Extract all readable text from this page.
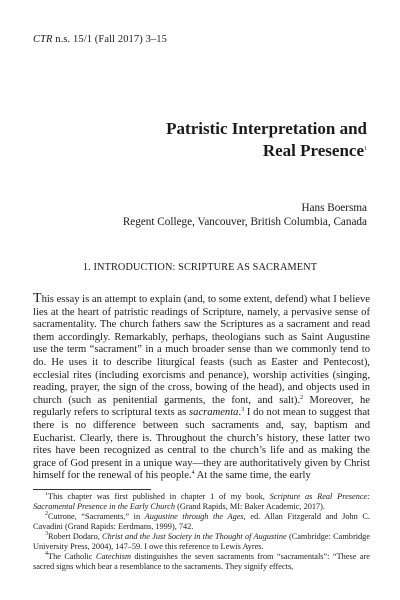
CTR n.s. 15/1 (Fall 2017) 3–15
Patristic Interpretation and
Real Presence$^1$
Hans Boersma
Regent College, Vancouver, British Columbia, Canada
1. INTRODUCTION: SCRIPTURE AS SACRAMENT
This essay is an attempt to explain (and, to some extent, defend) what I believe lies at the heart of patristic readings of Scripture, namely, a pervasive sense of sacramentality. The church fathers saw the Scriptures as a sacrament and read them accordingly. Remarkably, perhaps, theologians such as Saint Augustine use the term “sacrament” in a much broader sense than we commonly tend to do. He uses it to describe liturgical feasts (such as Easter and Pentecost), ecclesial rites (including exorcisms and penance), worship activities (singing, reading, prayer, the sign of the cross, bowing of the head), and objects used in church (such as penitential garments, the font, and salt).$^2$ Moreover, he regularly refers to scriptural texts as sacramenta.$^3$ I do not mean to suggest that there is no difference between such sacraments and, say, baptism and Eucharist. Clearly, there is. Throughout the church’s history, these latter two rites have been recognized as central to the church’s life and as making the grace of God present in a unique way—they are authoritatively given by Christ himself for the renewal of his people.$^4$ At the same time, the early

$^1$This chapter was first published in chapter 1 of my book, Scripture as Real Presence: Sacramental Presence in the Early Church (Grand Rapids, MI: Baker Academic, 2017).

$^2$Cutrone, “Sacraments,” in Augustine through the Ages, ed. Allan Fitzgerald and John C. Cavadini (Grand Rapids: Eerdmans, 1999), 742.

$^3$Robert Dodaro, Christ and the Just Society in the Thought of Augustine (Cambridge: Cambridge University Press, 2004), 147–59. I owe this reference to Lewis Ayres.

$^4$The Catholic Catechism distinguishes the seven sacraments from “sacramentals”: “These are sacred signs which bear a resemblance to the sacraments. They signify effects,
